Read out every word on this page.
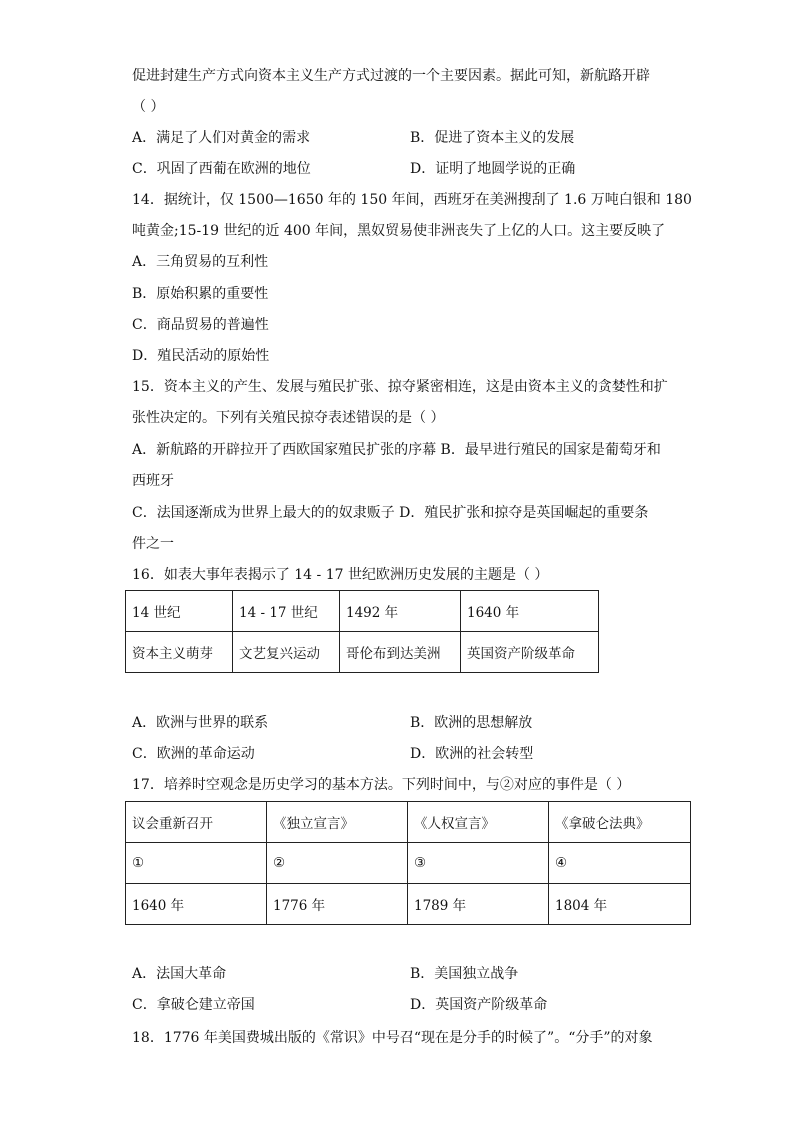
促进封建生产方式向资本主义生产方式过渡的一个主要因素。据此可知，新航路开辟
（ ）
A．满足了人们对黄金的需求	B．促进了资本主义的发展
C．巩固了西葡在欧洲的地位	D．证明了地圆学说的正确
14．据统计，仅 1500—1650 年的 150 年间，西班牙在美洲搜刮了 1.6 万吨白银和 180
吨黄金;15-19 世纪的近 400 年间，黑奴贸易使非洲丧失了上亿的人口。这主要反映了
A．三角贸易的互利性
B．原始积累的重要性
C．商品贸易的普遍性
D．殖民活动的原始性
15．资本主义的产生、发展与殖民扩张、掠夺紧密相连，这是由资本主义的贪婪性和扩
张性决定的。下列有关殖民掠夺表述错误的是（ ）
A．新航路的开辟拉开了西欧国家殖民扩张的序幕 B．最早进行殖民的国家是葡萄牙和
西班牙
C．法国逐渐成为世界上最大的的奴隶贩子 D．殖民扩张和掠夺是英国崛起的重要条
件之一
16．如表大事年表揭示了 14 - 17 世纪欧洲历史发展的主题是（ ）
14 世纪	14 - 17 世纪	1492 年	1640 年
资本主义萌芽	文艺复兴运动	哥伦布到达美洲	英国资产阶级革命
A．欧洲与世界的联系	B．欧洲的思想解放
C．欧洲的革命运动	D．欧洲的社会转型
17．培养时空观念是历史学习的基本方法。下列时间中，与②对应的事件是（ ）
议会重新召开	《独立宣言》	《人权宣言》	《拿破仑法典》
①	②	③	④
1640 年	1776 年	1789 年	1804 年
A．法国大革命	B．美国独立战争
C．拿破仑建立帝国	D．英国资产阶级革命
18．1776 年美国费城出版的《常识》中号召“现在是分手的时候了”。“分手”的对象
